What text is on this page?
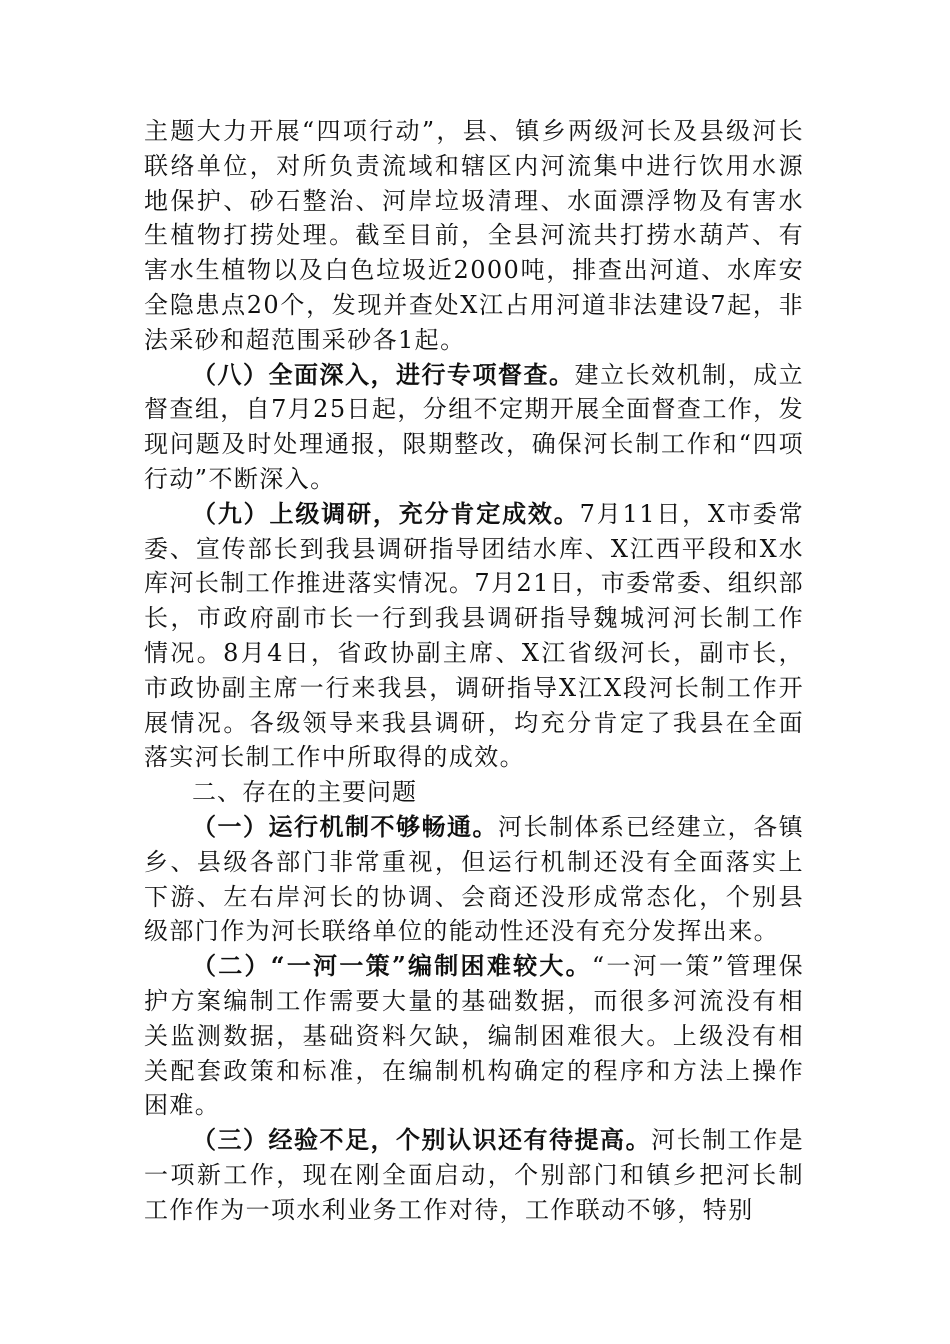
主题大力开展“四项行动”，县、镇乡两级河长及县级河长联络单位，对所负责流域和辖区内河流集中进行饮用水源地保护、砂石整治、河岸垃圾清理、水面漂浮物及有害水生植物打捞处理。截至目前，全县河流共打捞水葫芦、有害水生植物以及白色垃圾近2000吨，排查出河道、水库安全隐患点20个，发现并查处X江占用河道非法建设7起，非法采砂和超范围采砂各1起。

（八）全面深入，进行专项督查。建立长效机制，成立督查组，自7月25日起，分组不定期开展全面督查工作，发现问题及时处理通报，限期整改，确保河长制工作和“四项行动”不断深入。

（九）上级调研，充分肯定成效。7月11日，X市委常委、宣传部长到我县调研指导团结水库、X江西平段和X水库河长制工作推进落实情况。7月21日，市委常委、组织部长，市政府副市长一行到我县调研指导魏城河河长制工作情况。8月4日，省政协副主席、X江省级河长，副市长，市政协副主席一行来我县，调研指导X江X段河长制工作开展情况。各级领导来我县调研，均充分肯定了我县在全面落实河长制工作中所取得的成效。

二、存在的主要问题

（一）运行机制不够畅通。河长制体系已经建立，各镇乡、县级各部门非常重视，但运行机制还没有全面落实上下游、左右岸河长的协调、会商还没形成常态化，个别县级部门作为河长联络单位的能动性还没有充分发挥出来。

（二）“一河一策”编制困难较大。“一河一策”管理保护方案编制工作需要大量的基础数据，而很多河流没有相关监测数据，基础资料欠缺，编制困难很大。上级没有相关配套政策和标准，在编制机构确定的程序和方法上操作困难。

（三）经验不足，个别认识还有待提高。河长制工作是一项新工作，现在刚全面启动，个别部门和镇乡把河长制工作作为一项水利业务工作对待，工作联动不够，特别
